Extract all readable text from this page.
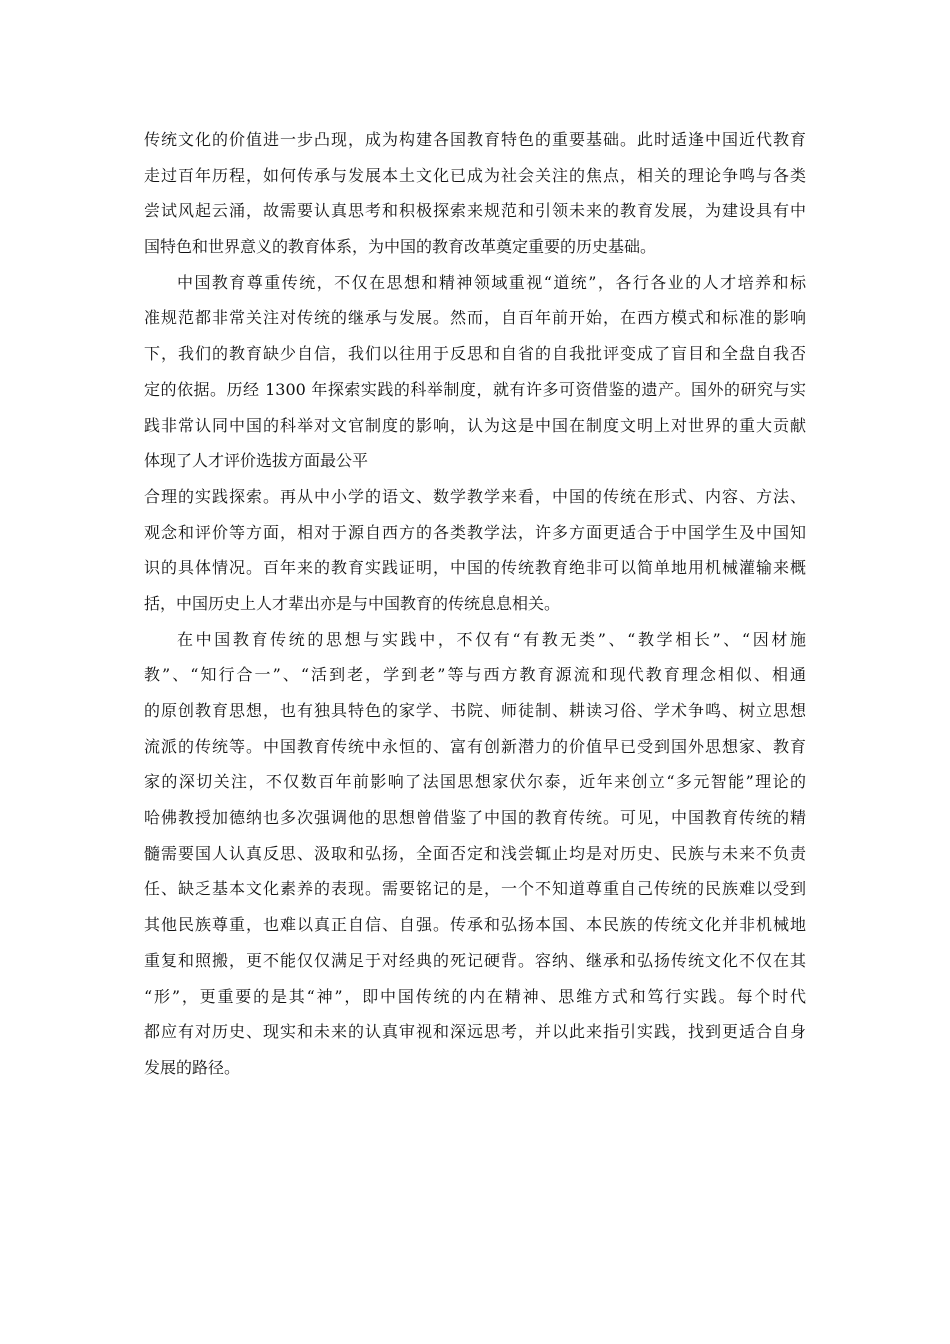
传统文化的价值进一步凸现，成为构建各国教育特色的重要基础。此时适逢中国近代教育
走过百年历程，如何传承与发展本土文化已成为社会关注的焦点，相关的理论争鸣与各类
尝试风起云涌，故需要认真思考和积极探索来规范和引领未来的教育发展，为建设具有中
国特色和世界意义的教育体系，为中国的教育改革奠定重要的历史基础。
中国教育尊重传统，不仅在思想和精神领域重视“道统”，各行各业的人才培养和标
准规范都非常关注对传统的继承与发展。然而，自百年前开始，在西方模式和标准的影响
下，我们的教育缺少自信，我们以往用于反思和自省的自我批评变成了盲目和全盘自我否
定的依据。历经 1300 年探索实践的科举制度，就有许多可资借鉴的遗产。国外的研究与实
践非常认同中国的科举对文官制度的影响，认为这是中国在制度文明上对世界的重大贡献
体现了人才评价选拔方面最公平
合理的实践探索。再从中小学的语文、数学教学来看，中国的传统在形式、内容、方法、
观念和评价等方面，相对于源自西方的各类教学法，许多方面更适合于中国学生及中国知
识的具体情况。百年来的教育实践证明，中国的传统教育绝非可以简单地用机械灌输来概
括，中国历史上人才辈出亦是与中国教育的传统息息相关。
在中国教育传统的思想与实践中，不仅有“有教无类”、“教学相长”、“因材施
教”、“知行合一”、“活到老，学到老”等与西方教育源流和现代教育理念相似、相通
的原创教育思想，也有独具特色的家学、书院、师徒制、耕读习俗、学术争鸣、树立思想
流派的传统等。中国教育传统中永恒的、富有创新潜力的价值早已受到国外思想家、教育
家的深切关注，不仅数百年前影响了法国思想家伏尔泰，近年来创立“多元智能”理论的
哈佛教授加德纳也多次强调他的思想曾借鉴了中国的教育传统。可见，中国教育传统的精
髓需要国人认真反思、汲取和弘扬，全面否定和浅尝辄止均是对历史、民族与未来不负责
任、缺乏基本文化素养的表现。需要铭记的是，一个不知道尊重自己传统的民族难以受到
其他民族尊重，也难以真正自信、自强。传承和弘扬本国、本民族的传统文化并非机械地
重复和照搬，更不能仅仅满足于对经典的死记硬背。容纳、继承和弘扬传统文化不仅在其
“形”，更重要的是其“神”，即中国传统的内在精神、思维方式和笃行实践。每个时代
都应有对历史、现实和未来的认真审视和深远思考，并以此来指引实践，找到更适合自身
发展的路径。
